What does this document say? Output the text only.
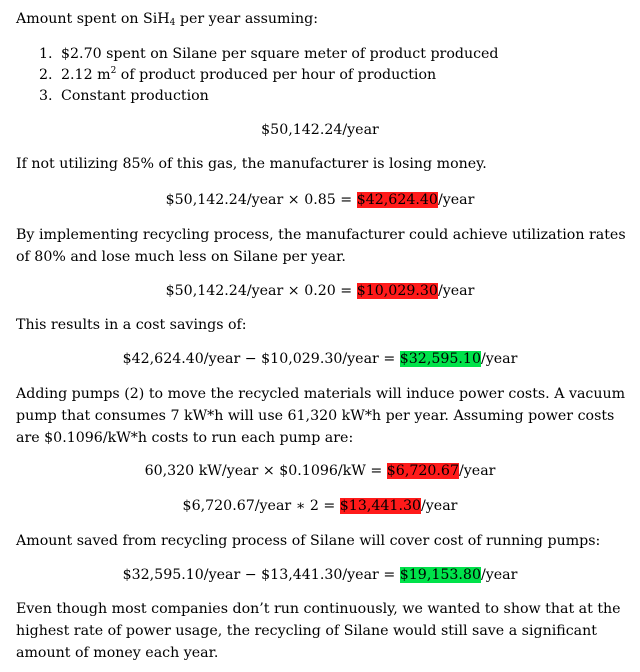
Amount spent on SiH$_4$ per year assuming:
1. $2.70 spent on Silane per square meter of product produced
2. 2.12 $m^2$ of product produced per hour of production
3. Constant production
$50,142.24/year
If not utilizing 85% of this gas, the manufacturer is losing money.
$50,142.24/year × 0.85 = $42,624.40/year
By implementing recycling process, the manufacturer could achieve utilization rates of 80% and lose much less on Silane per year.
$50,142.24/year × 0.20 = $10,029.30/year
This results in a cost savings of:
$42,624.40/year − $10,029.30/year = $32,595.10/year
Adding pumps (2) to move the recycled materials will induce power costs. A vacuum pump that consumes 7 kW*h will use 61,320 kW*h per year. Assuming power costs are $0.1096/kW*h costs to run each pump are:
60,320 kW/year × $0.1096/kW = $6,720.67/year
$6,720.67/year ∗ 2 = $13,441.30/year
Amount saved from recycling process of Silane will cover cost of running pumps:
$32,595.10/year − $13,441.30/year = $19,153.80/year
Even though most companies don’t run continuously, we wanted to show that at the highest rate of power usage, the recycling of Silane would still save a significant amount of money each year.
